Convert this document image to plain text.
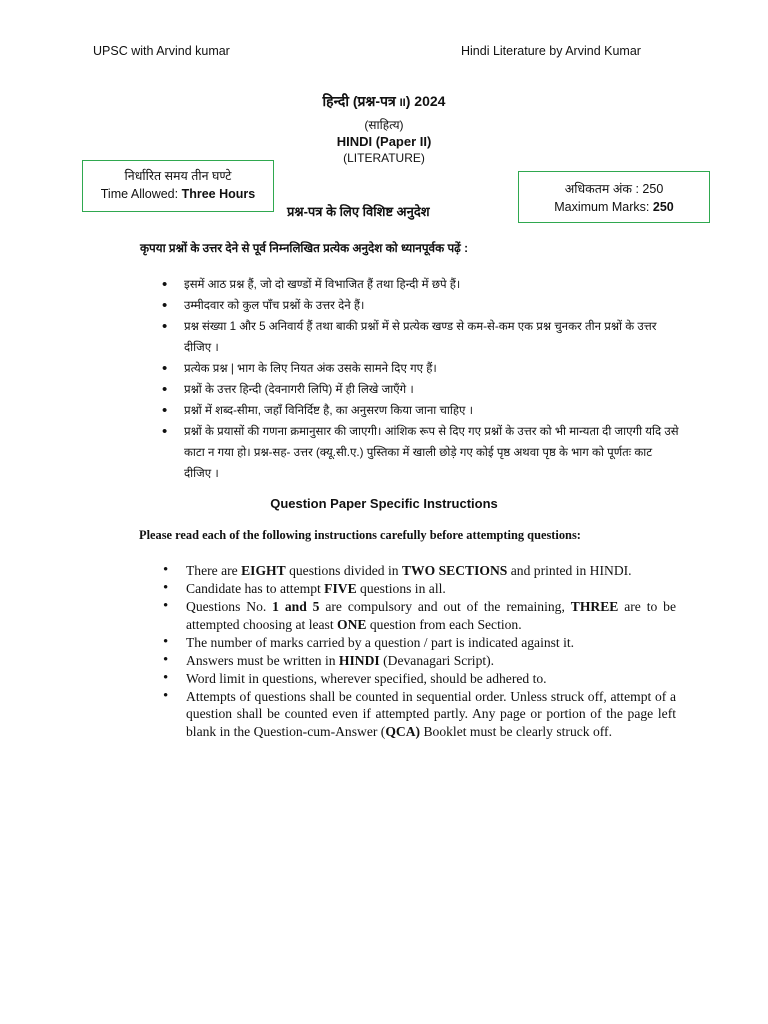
UPSC with Arvind kumar	Hindi Literature by Arvind Kumar
हिन्दी (प्रश्न-पत्र II) 2024
(साहित्य)
HINDI (Paper II)
(LITERATURE)
निर्धारित समय तीन घण्टे
Time Allowed: Three Hours	अधिकतम अंक : 250
Maximum Marks: 250
प्रश्न-पत्र के लिए विशिष्ट अनुदेश
कृपया प्रश्नों के उत्तर देने से पूर्व निम्नलिखित प्रत्येक अनुदेश को ध्यानपूर्वक पढ़ें :
• इसमें आठ प्रश्न हैं, जो दो खण्डों में विभाजित हैं तथा हिन्दी में छपे हैं।
• उम्मीदवार को कुल पाँच प्रश्नों के उत्तर देने हैं।
• प्रश्न संख्या 1 और 5 अनिवार्य हैं तथा बाकी प्रश्नों में से प्रत्येक खण्ड से कम-से-कम एक प्रश्न चुनकर तीन प्रश्नों के उत्तर दीजिए ।
• प्रत्येक प्रश्न | भाग के लिए नियत अंक उसके सामने दिए गए हैं।
• प्रश्नों के उत्तर हिन्दी (देवनागरी लिपि) में ही लिखे जाएँगे ।
• प्रश्नों में शब्द-सीमा, जहाँ विनिर्दिष्ट है, का अनुसरण किया जाना चाहिए ।
• प्रश्नों के प्रयासों की गणना क्रमानुसार की जाएगी। आंशिक रूप से दिए गए प्रश्नों के उत्तर को भी मान्यता दी जाएगी यदि उसे काटा न गया हो। प्रश्न-सह- उत्तर (क्यू.सी.ए.) पुस्तिका में खाली छोड़े गए कोई पृष्ठ अथवा पृष्ठ के भाग को पूर्णतः काट दीजिए ।
Question Paper Specific Instructions
Please read each of the following instructions carefully before attempting questions:
• There are EIGHT questions divided in TWO SECTIONS and printed in HINDI.
• Candidate has to attempt FIVE questions in all.
• Questions No. 1 and 5 are compulsory and out of the remaining, THREE are to be attempted choosing at least ONE question from each Section.
• The number of marks carried by a question / part is indicated against it.
• Answers must be written in HINDI (Devanagari Script).
• Word limit in questions, wherever specified, should be adhered to.
• Attempts of questions shall be counted in sequential order. Unless struck off, attempt of a question shall be counted even if attempted partly. Any page or portion of the page left blank in the Question-cum-Answer (QCA) Booklet must be clearly struck off.
